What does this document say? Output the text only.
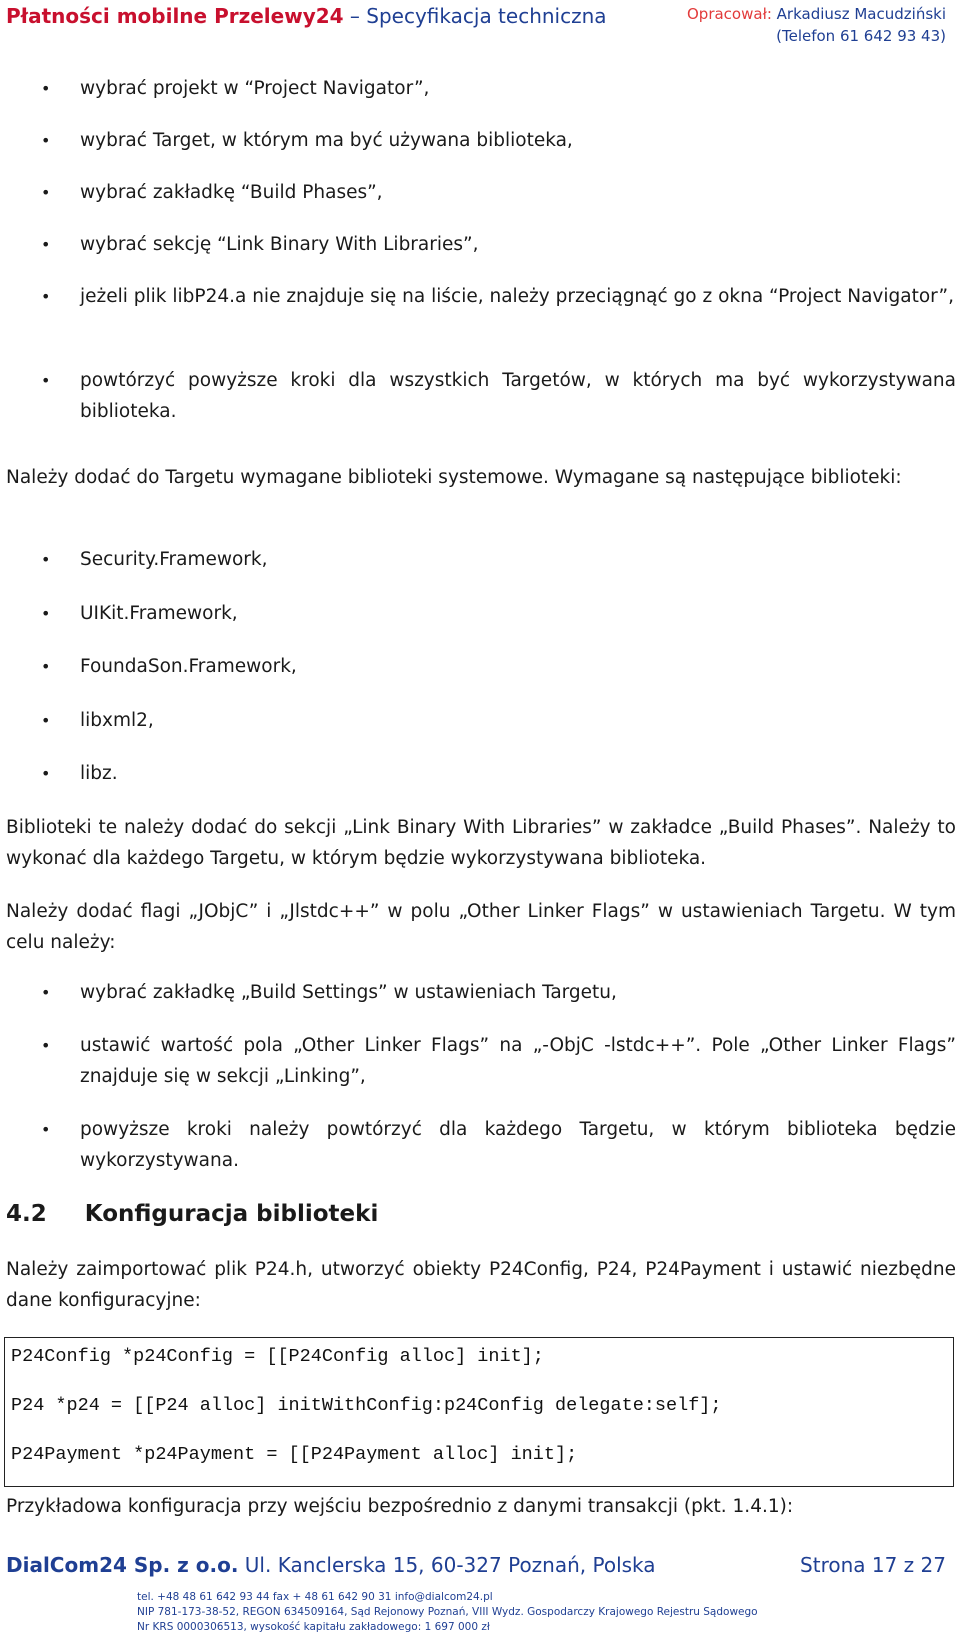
Płatności mobilne Przelewy24 – Specyfikacja techniczna	Opracował: Arkadiusz Macudziński
(Telefon 61 642 93 43)
• wybrać projekt w “Project Navigator”,
• wybrać Target, w którym ma być używana biblioteka,
• wybrać zakładkę “Build Phases”,
• wybrać sekcję “Link Binary With Libraries”,
• jeżeli plik libP24.a nie znajduje się na liście, należy przeciągnąć go z okna “Project Navigator”,
• powtórzyć powyższe kroki dla wszystkich Targetów, w których ma być wykorzystywana biblioteka.

Należy dodać do Targetu wymagane biblioteki systemowe. Wymagane są następujące biblioteki:

• Security.Framework,
• UIKit.Framework,
• FoundaSon.Framework,
• libxml2,
• libz.

Biblioteki te należy dodać do sekcji „Link Binary With Libraries” w zakładce „Build Phases”. Należy to wykonać dla każdego Targetu, w którym będzie wykorzystywana biblioteka.

Należy dodać flagi „JObjC” i „Jlstdc++” w polu „Other Linker Flags” w ustawieniach Targetu. W tym celu należy:

• wybrać zakładkę „Build Settings” w ustawieniach Targetu,
• ustawić wartość pola „Other Linker Flags” na „-ObjC -lstdc++”. Pole „Other Linker Flags” znajduje się w sekcji „Linking”,
• powyższe kroki należy powtórzyć dla każdego Targetu, w którym biblioteka będzie wykorzystywana.
4.2 Konfiguracja biblioteki

Należy zaimportować plik P24.h, utworzyć obiekty P24Config, P24, P24Payment i ustawić niezbędne dane konfiguracyjne:

P24Config *p24Config = [[P24Config alloc] init];
P24 *p24 = [[P24 alloc] initWithConfig:p24Config delegate:self];
P24Payment *p24Payment = [[P24Payment alloc] init];

Przykładowa konfiguracja przy wejściu bezpośrednio z danymi transakcji (pkt. 1.4.1):

DialCom24 Sp. z o.o. Ul. Kanclerska 15, 60-327 Poznań, Polska	Strona 17 z 27
tel. +48 48 61 642 93 44 fax + 48 61 642 90 31 info@dialcom24.pl
NIP 781-173-38-52, REGON 634509164, Sąd Rejonowy Poznań, VIII Wydz. Gospodarczy Krajowego Rejestru Sądowego
Nr KRS 0000306513, wysokość kapitału zakładowego: 1 697 000 zł
